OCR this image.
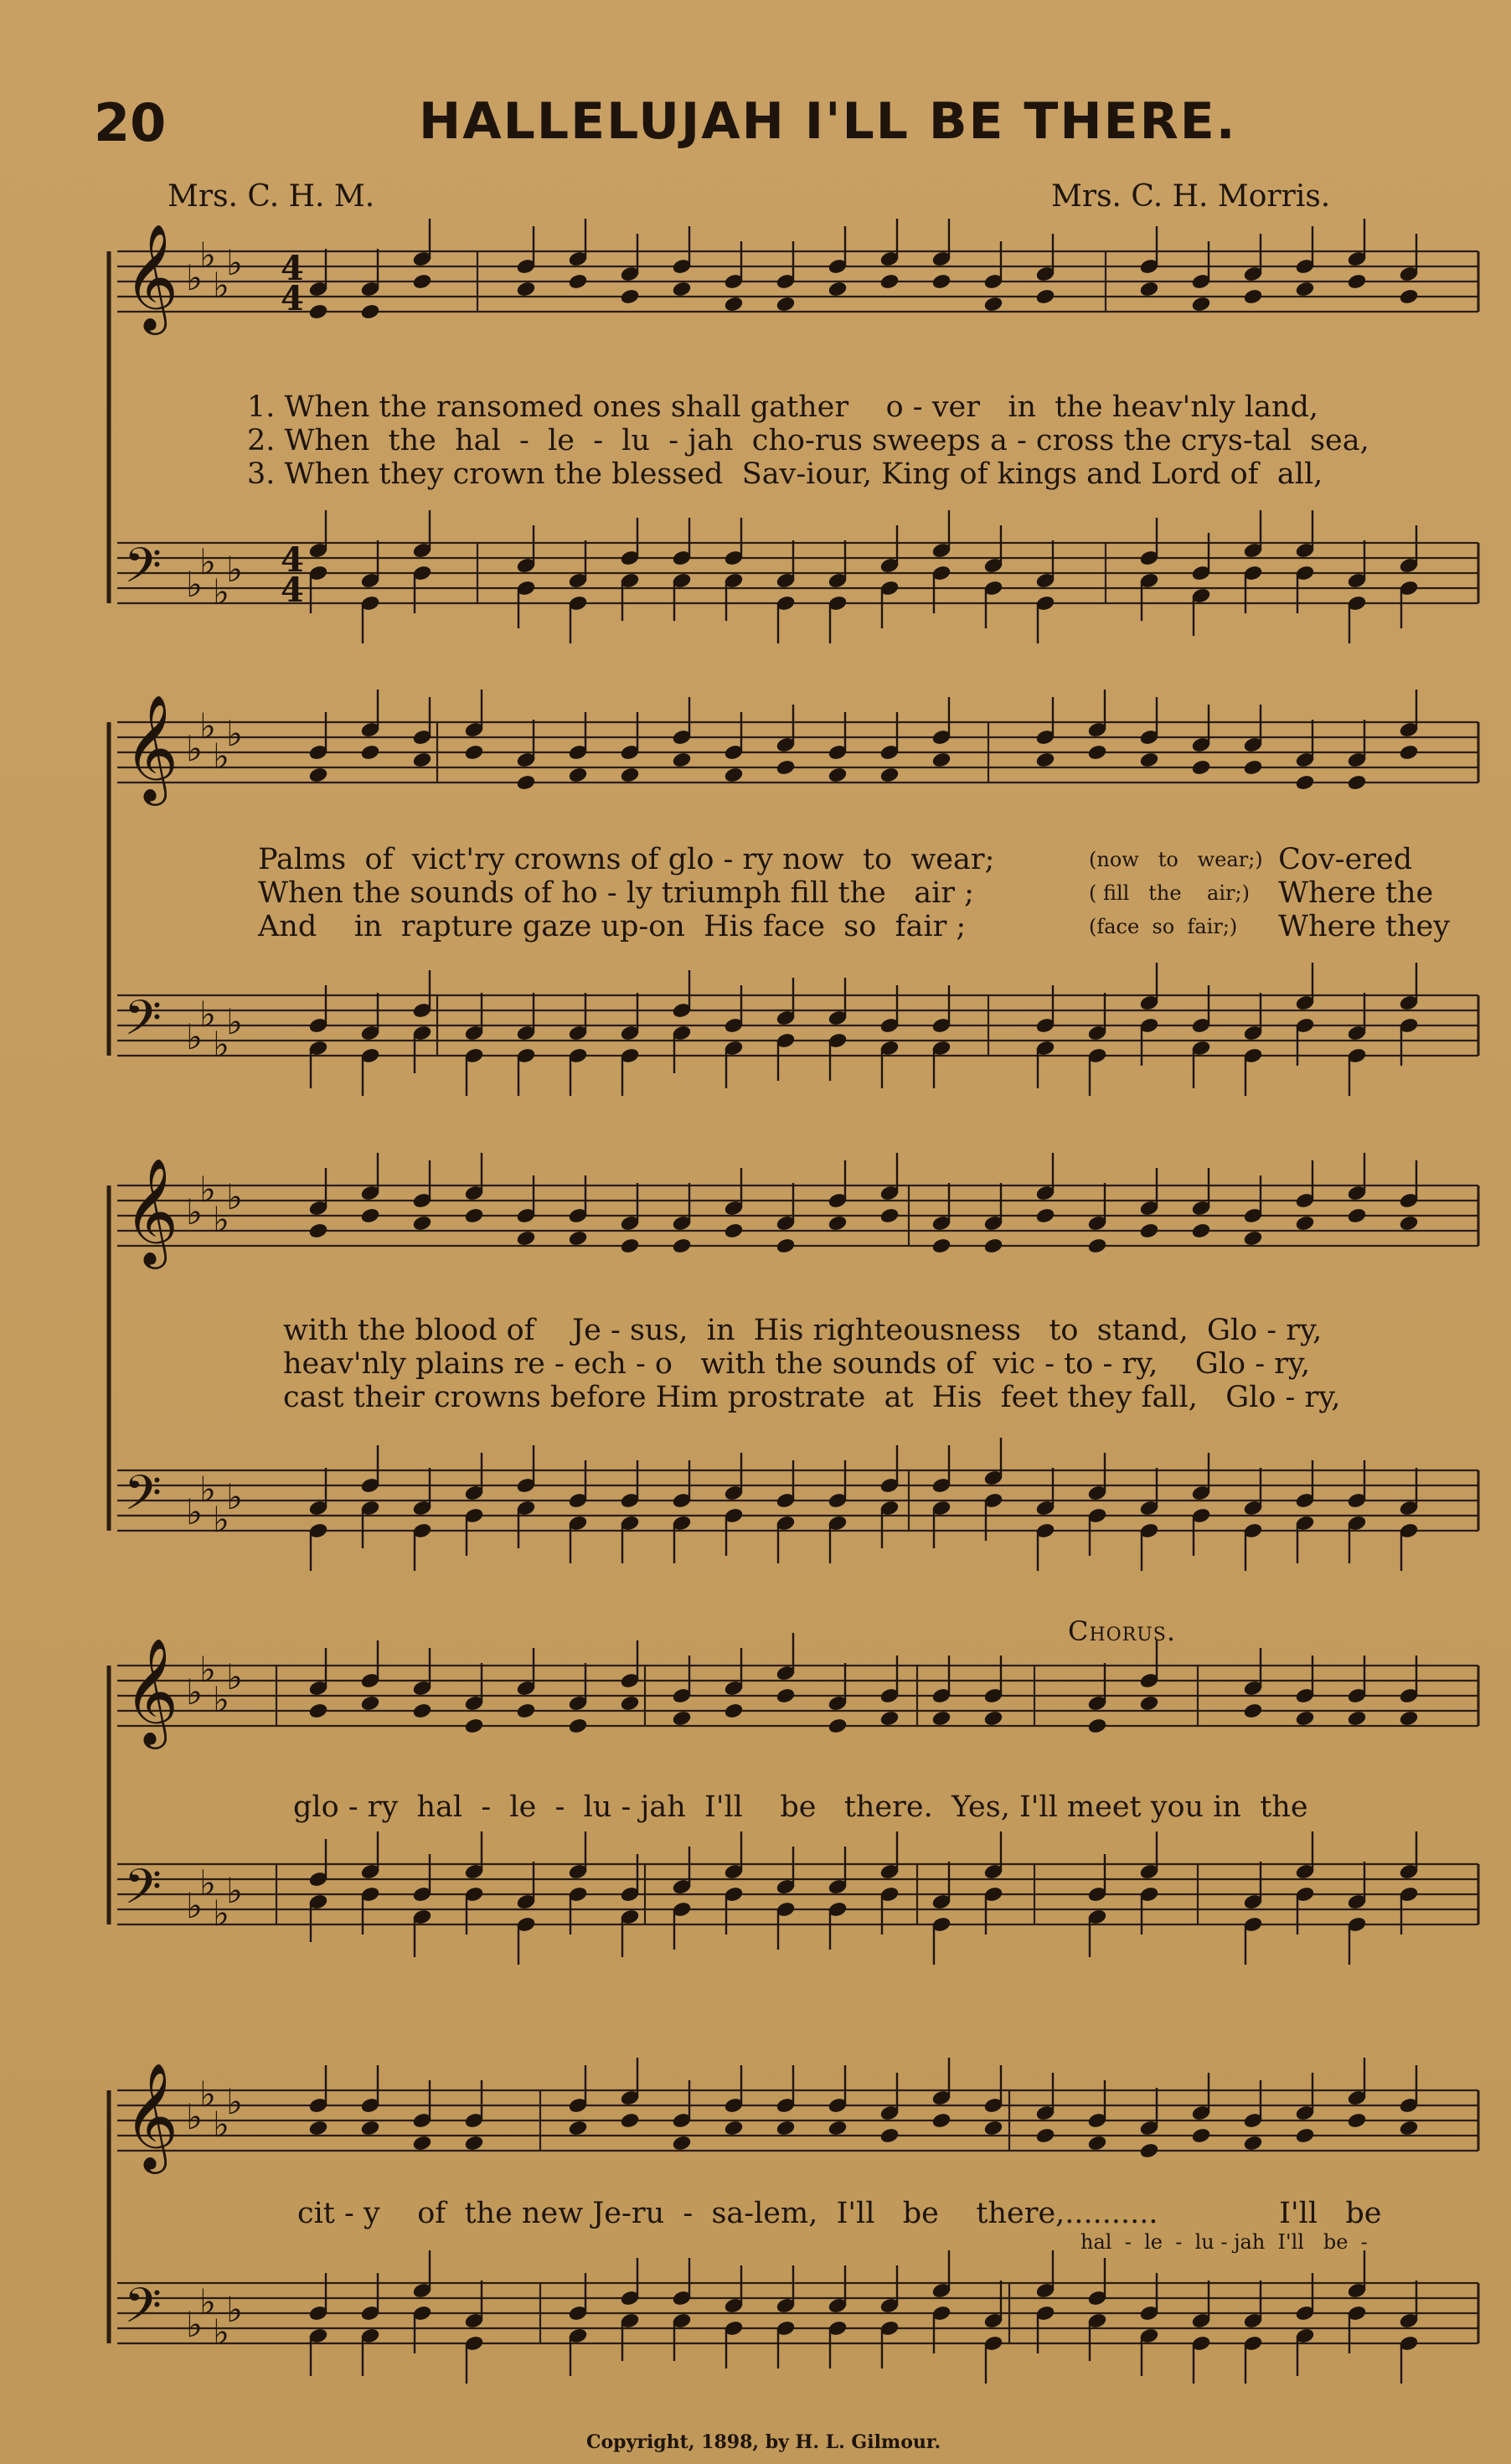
𝄞 ♭
♭
♭
♭
𝄢 ♭
♭
♭
♭
𝄞 ♭
♭
♭
♭
𝄢 ♭
♭
♭
♭
𝄞 ♭
♭
♭
♭
𝄢 ♭
♭
♭
♭
𝄞 ♭
♭
♭
♭
𝄢 ♭
♭
♭
♭
𝄞 ♭
♭
♭
♭
𝄢 ♭
♭
♭
♭
4
4
4
4
20	HALLELUJAH I'LL BE THERE.
Mrs. C. H. M.	Mrs. C. H. Morris.
1. When the ransomed ones shall gather    o - ver   in  the heav'nly land,
2. When  the  hal  -  le  -  lu  - jah  cho-rus sweeps a - cross the crys-tal  sea,
3. When they crown the blessed  Sav-iour, King of kings and Lord of  all,
Palms  of  vict'ry crowns of glo - ry now  to  wear;
When the sounds of ho - ly triumph fill the   air ;
And    in  rapture gaze up-on  His face  so  fair ;
(now   to   wear;)
( fill   the    air;)
(face  so  fair;)
Cov-ered
Where the
Where they
with the blood of    Je - sus,  in  His righteousness   to  stand,  Glo - ry,
heav'nly plains re - ech - o   with the sounds of  vic - to - ry,    Glo - ry,
cast their crowns before Him prostrate  at  His  feet they fall,   Glo - ry,
Chorus.
glo - ry  hal  -  le  -  lu - jah  I'll    be   there.  Yes, I'll meet you in  the
cit - y    of  the new Je-ru  -  sa-lem,  I'll   be    there,..........             I'll   be
hal  -  le  -  lu - jah  I'll   be  -
Copyright, 1898, by H. L. Gilmour.
